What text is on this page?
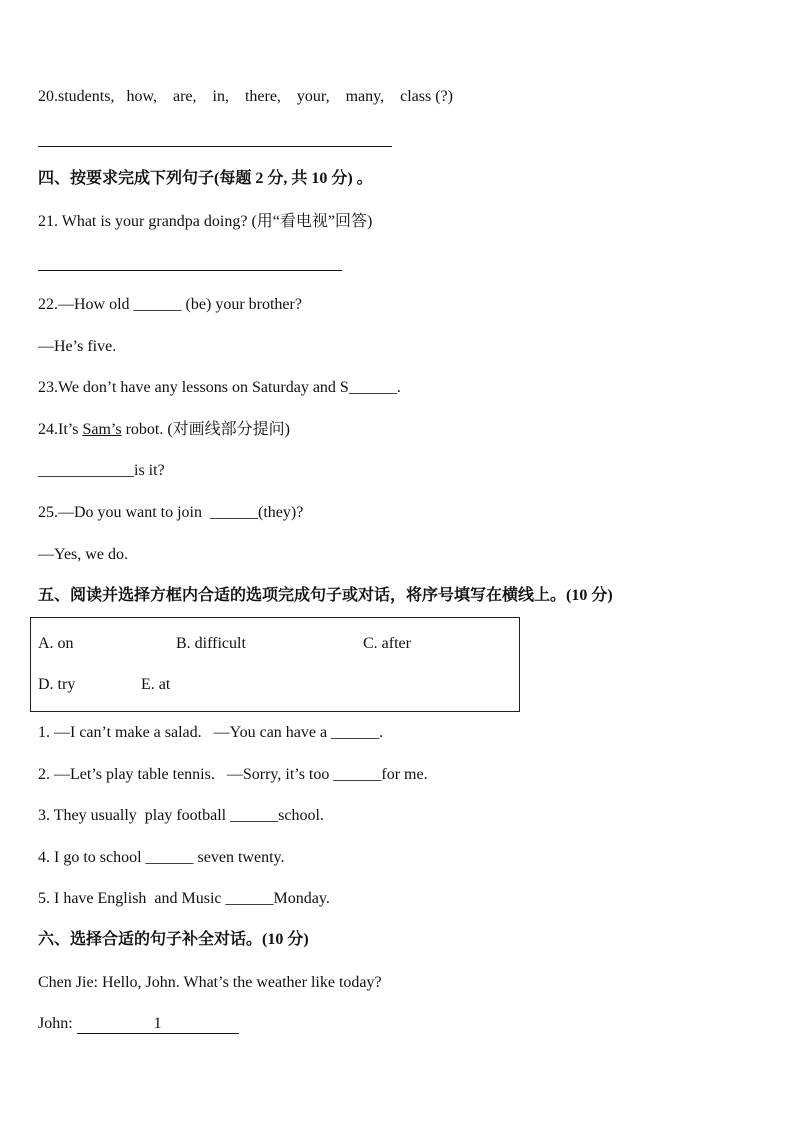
20.students,   how,    are,    in,    there,    your,    many,    class (?)
四、按要求完成下列句子(每题 2 分, 共 10 分) 。
21. What is your grandpa doing? (用“看电视”回答)
22.—How old ______ (be) your brother?
—He’s five.
23.We don’t have any lessons on Saturday and S______.
24.It’s Sam’s robot. (对画线部分提问)
____________is it?
25.—Do you want to join  ______(they)?
—Yes, we do.
五、阅读并选择方框内合适的选项完成句子或对话，将序号填写在横线上。(10 分)
A. on	B. difficult	C. after
D. try	E. at
1. —I can’t make a salad.   —You can have a ______.
2. —Let’s play table tennis.   —Sorry, it’s too ______for me.
3. They usually  play football ______school.
4. I go to school ______ seven twenty.
5. I have English  and Music ______Monday.
六、选择合适的句子补全对话。(10 分)
Chen Jie: Hello, John. What’s the weather like today?
John:	1
